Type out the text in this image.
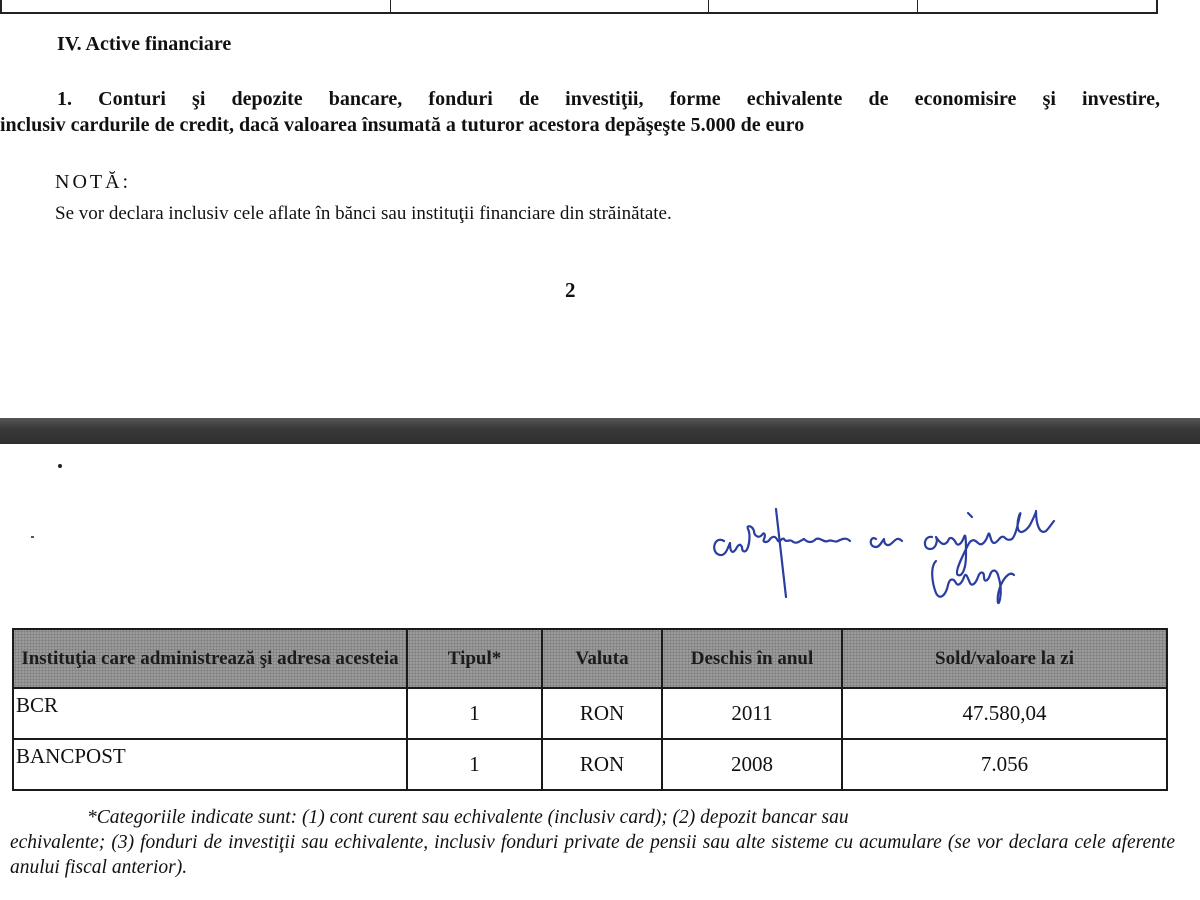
IV. Active financiare
1. Conturi şi depozite bancare, fonduri de investiţii, forme echivalente de economisire şi investire,
inclusiv cardurile de credit, dacă valoarea însumată a tuturor acestora depăşeşte 5.000 de euro
NOTĂ:
Se vor declara inclusiv cele aflate în bănci sau instituţii financiare din străinătate.
2
Instituţia care administrează şi adresa acesteia	Tipul*	Valuta	Deschis în anul	Sold/valoare la zi
BCR	1	RON	2011	47.580,04
BANCPOST	1	RON	2008	7.056
*Categoriile indicate sunt: (1) cont curent sau echivalente (inclusiv card); (2) depozit bancar sau
echivalente; (3) fonduri de investiţii sau echivalente, inclusiv fonduri private de pensii sau alte sisteme cu acumulare (se vor declara cele aferente anului fiscal anterior).
